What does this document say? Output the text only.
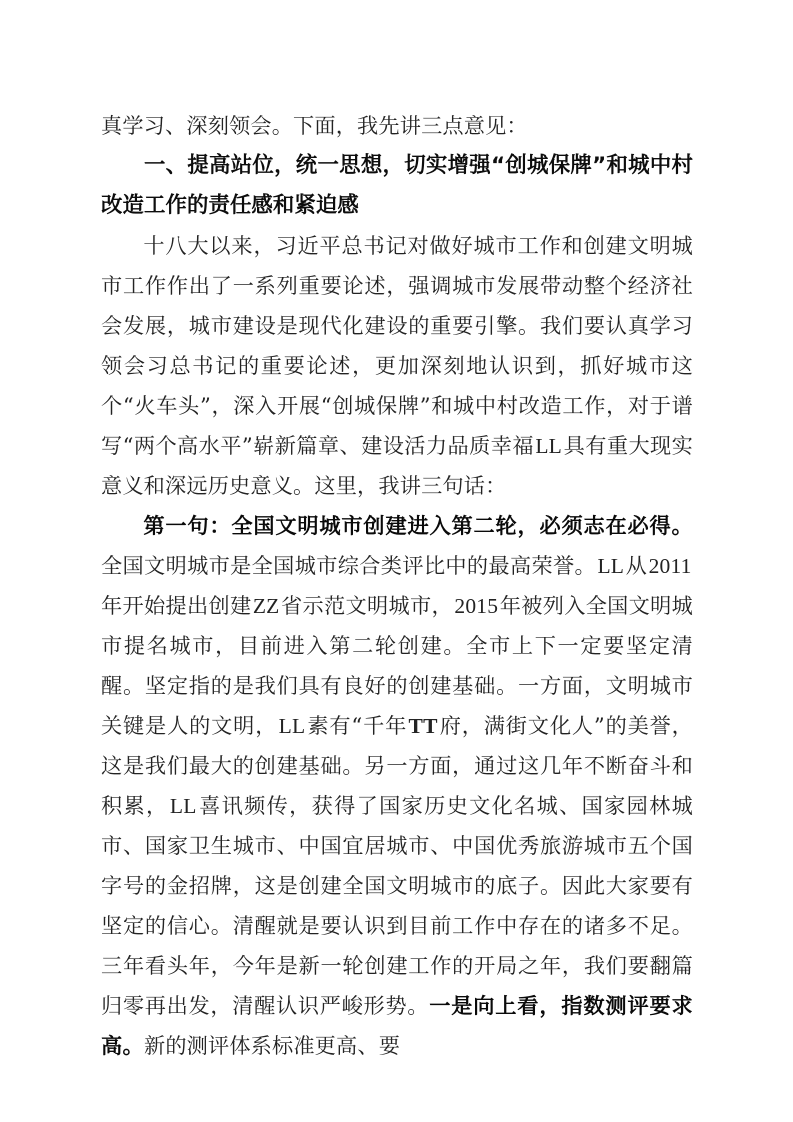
真学习、深刻领会。下面，我先讲三点意见：

一、提高站位，统一思想，切实增强“创城保牌”和城中村改造工作的责任感和紧迫感

十八大以来，习近平总书记对做好城市工作和创建文明城市工作作出了一系列重要论述，强调城市发展带动整个经济社会发展，城市建设是现代化建设的重要引擎。我们要认真学习领会习总书记的重要论述，更加深刻地认识到，抓好城市这个“火车头”，深入开展“创城保牌”和城中村改造工作，对于谱写“两个高水平”崭新篇章、建设活力品质幸福LL具有重大现实意义和深远历史意义。这里，我讲三句话：

第一句：全国文明城市创建进入第二轮，必须志在必得。全国文明城市是全国城市综合类评比中的最高荣誉。LL从2011年开始提出创建ZZ省示范文明城市，2015年被列入全国文明城市提名城市，目前进入第二轮创建。全市上下一定要坚定清醒。坚定指的是我们具有良好的创建基础。一方面，文明城市关键是人的文明，LL素有“千年TT府，满街文化人”的美誉，这是我们最大的创建基础。另一方面，通过这几年不断奋斗和积累，LL喜讯频传，获得了国家历史文化名城、国家园林城市、国家卫生城市、中国宜居城市、中国优秀旅游城市五个国字号的金招牌，这是创建全国文明城市的底子。因此大家要有坚定的信心。清醒就是要认识到目前工作中存在的诸多不足。三年看头年，今年是新一轮创建工作的开局之年，我们要翻篇归零再出发，清醒认识严峻形势。一是向上看，指数测评要求高。新的测评体系标准更高、要
